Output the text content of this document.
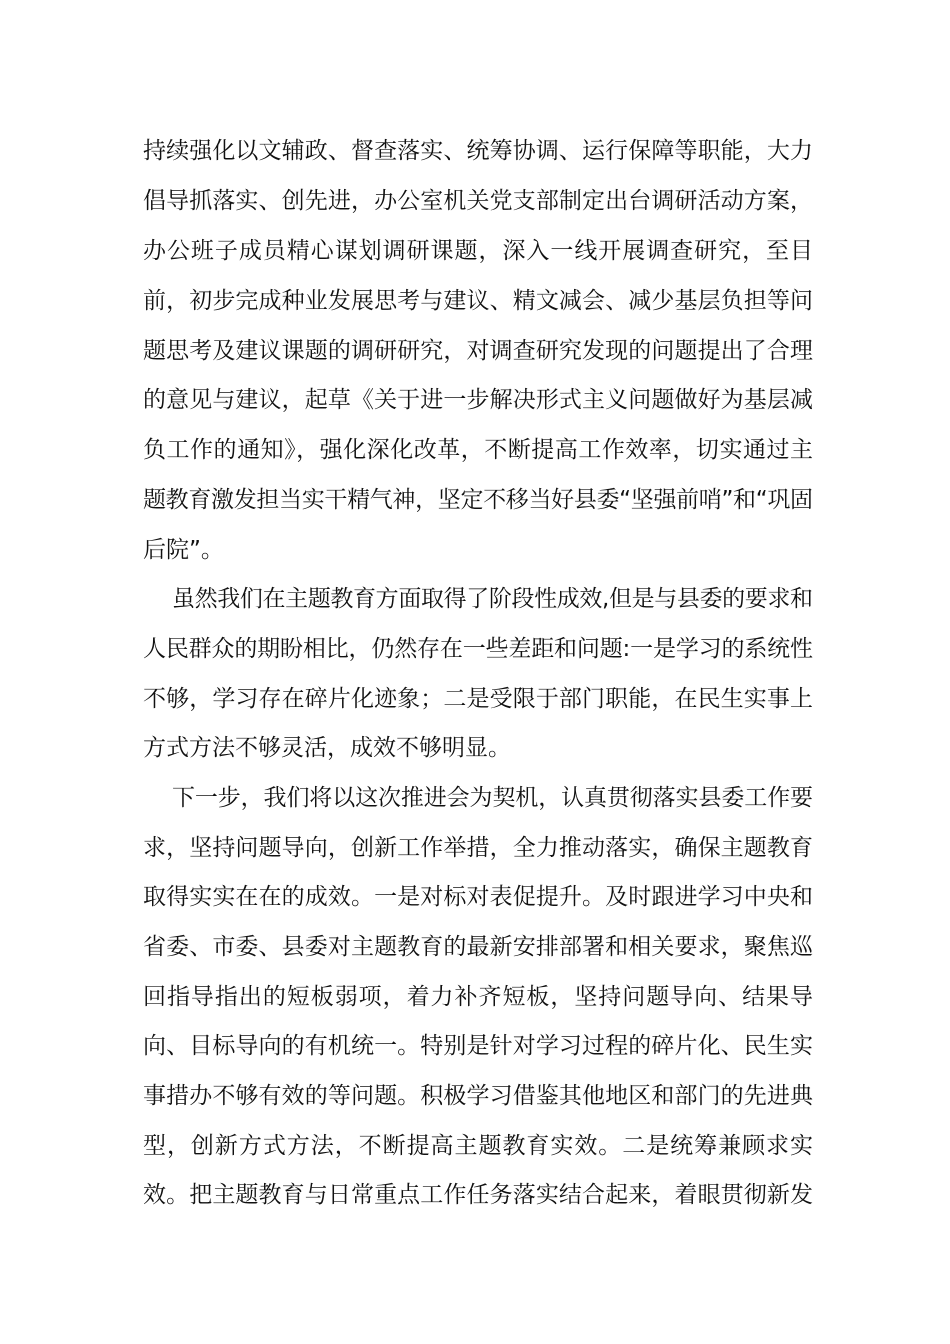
持续强化以文辅政、督查落实、统筹协调、运行保障等职能，大力
倡导抓落实、创先进，办公室机关党支部制定出台调研活动方案，
办公班子成员精心谋划调研课题，深入一线开展调查研究，至目
前，初步完成种业发展思考与建议、精文减会、减少基层负担等问
题思考及建议课题的调研研究，对调查研究发现的问题提出了合理
的意见与建议，起草《关于进一步解决形式主义问题做好为基层减
负工作的通知》，强化深化改革，不断提高工作效率，切实通过主
题教育激发担当实干精气神，坚定不移当好县委“坚强前哨”和“巩固
后院”。
虽然我们在主题教育方面取得了阶段性成效,但是与县委的要求和
人民群众的期盼相比，仍然存在一些差距和问题:一是学习的系统性
不够，学习存在碎片化迹象；二是受限于部门职能，在民生实事上
方式方法不够灵活，成效不够明显。
下一步，我们将以这次推进会为契机，认真贯彻落实县委工作要
求，坚持问题导向，创新工作举措，全力推动落实，确保主题教育
取得实实在在的成效。一是对标对表促提升。及时跟进学习中央和
省委、市委、县委对主题教育的最新安排部署和相关要求，聚焦巡
回指导指出的短板弱项，着力补齐短板，坚持问题导向、结果导
向、目标导向的有机统一。特别是针对学习过程的碎片化、民生实
事措办不够有效的等问题。积极学习借鉴其他地区和部门的先进典
型，创新方式方法，不断提高主题教育实效。二是统筹兼顾求实
效。把主题教育与日常重点工作任务落实结合起来，着眼贯彻新发
